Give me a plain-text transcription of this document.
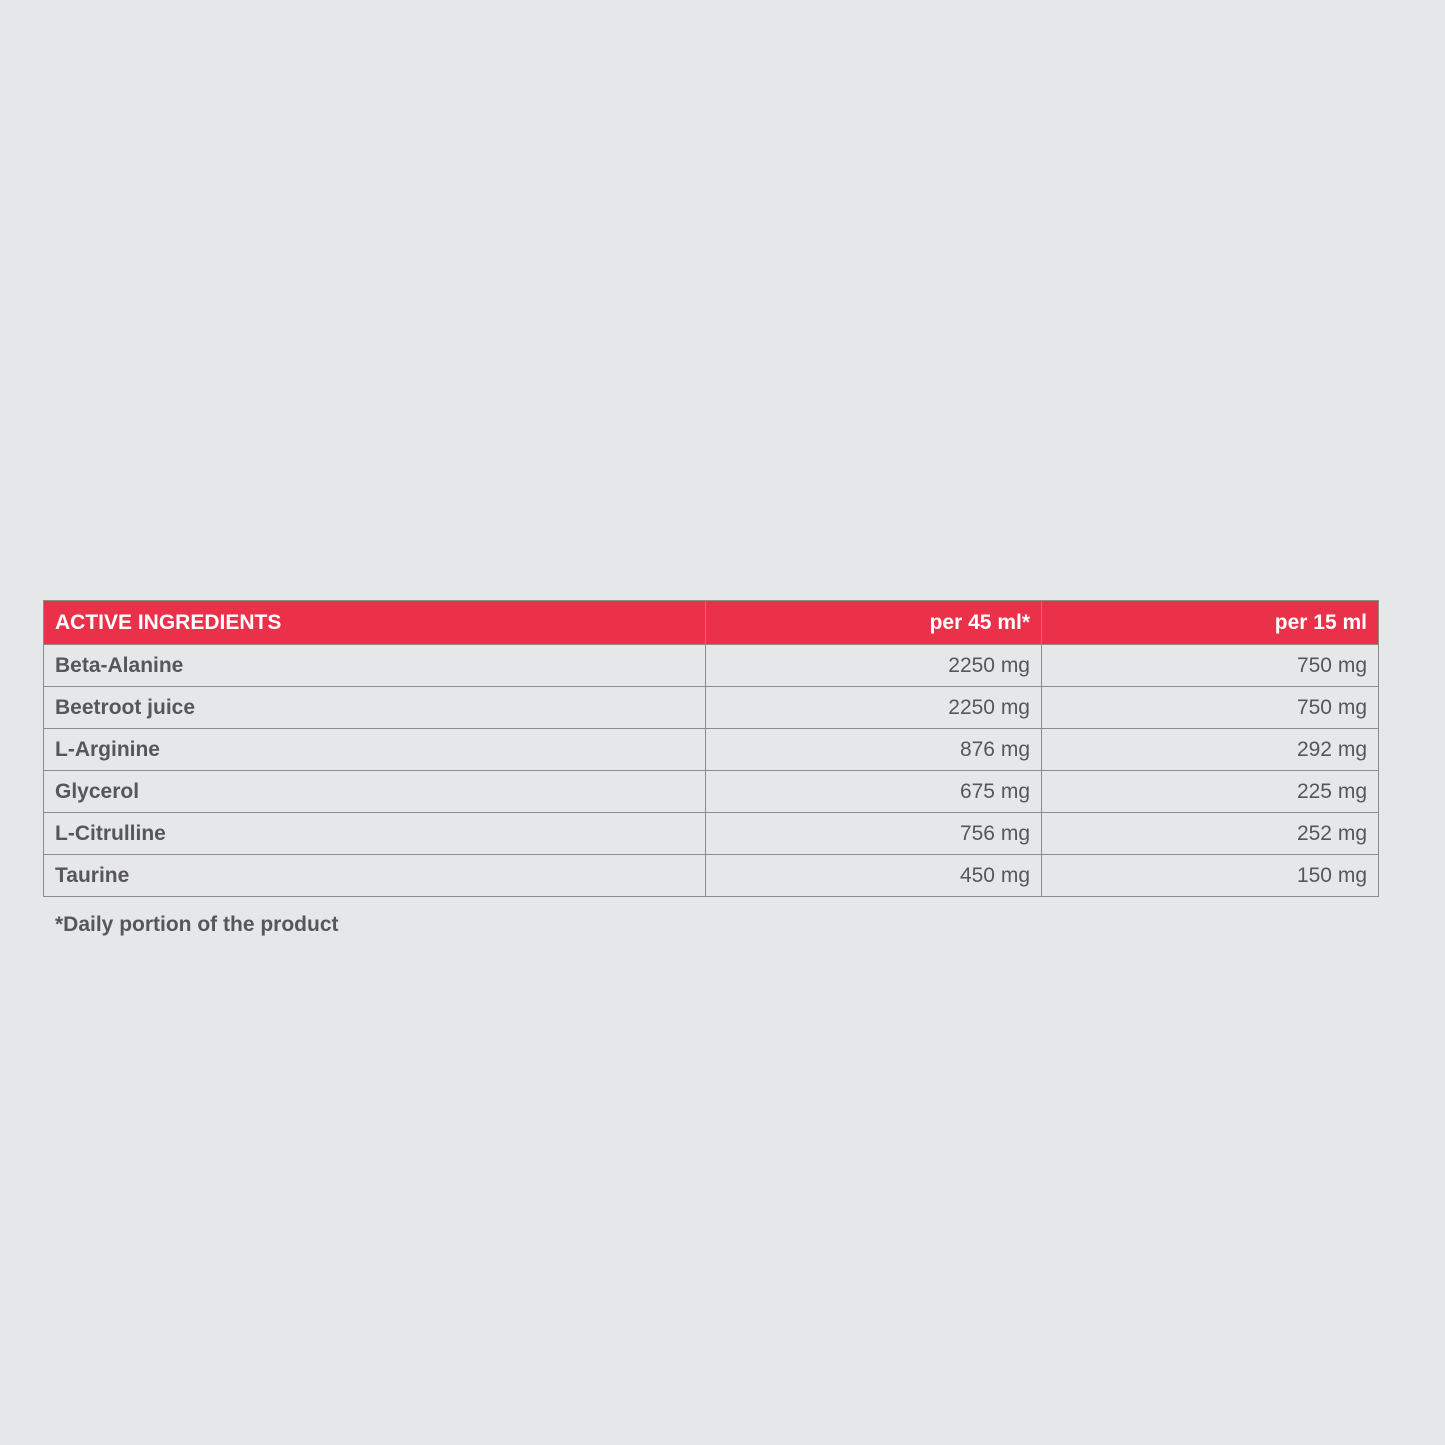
ACTIVE INGREDIENTS	per 45 ml*	per 15 ml
Beta-Alanine	2250 mg	750 mg
Beetroot juice	2250 mg	750 mg
L-Arginine	876 mg	292 mg
Glycerol	675 mg	225 mg
L-Citrulline	756 mg	252 mg
Taurine	450 mg	150 mg

*Daily portion of the product
